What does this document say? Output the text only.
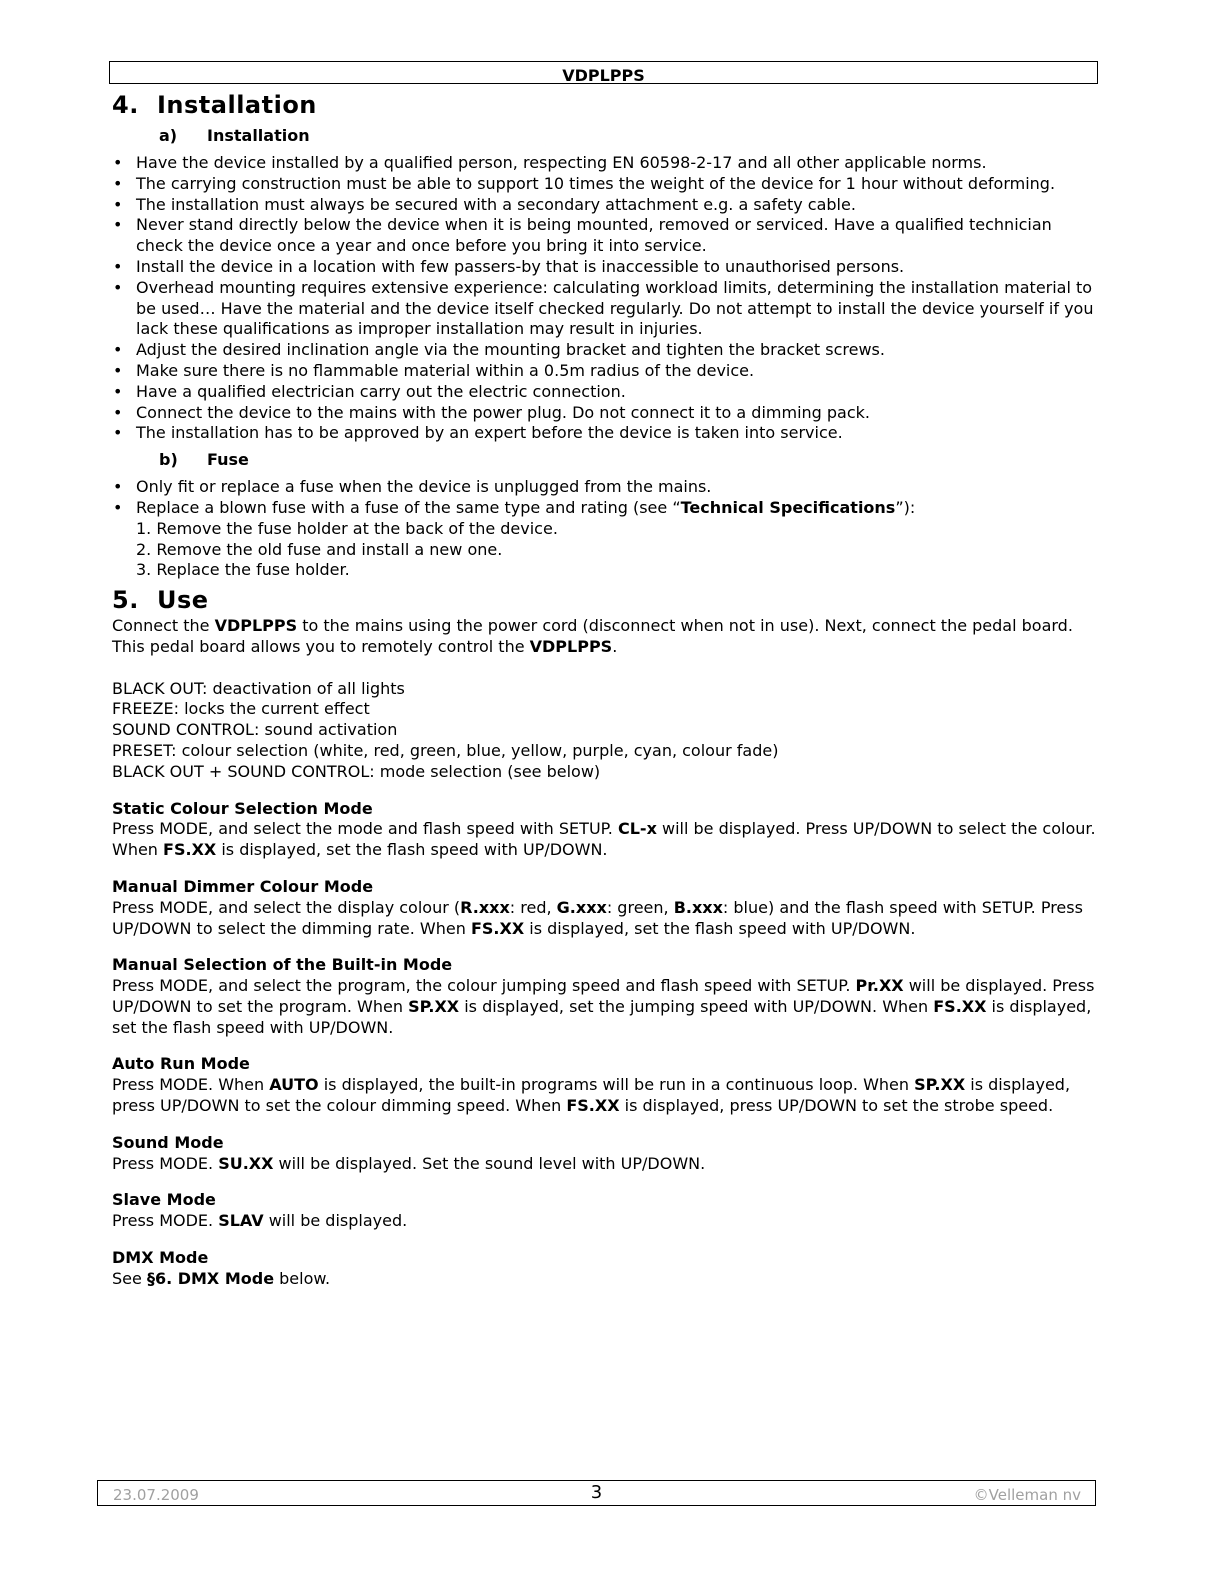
VDPLPPS
4. Installation
a) Installation
• Have the device installed by a qualified person, respecting EN 60598-2-17 and all other applicable norms.
• The carrying construction must be able to support 10 times the weight of the device for 1 hour without deforming.
• The installation must always be secured with a secondary attachment e.g. a safety cable.
• Never stand directly below the device when it is being mounted, removed or serviced. Have a qualified technician check the device once a year and once before you bring it into service.
• Install the device in a location with few passers-by that is inaccessible to unauthorised persons.
• Overhead mounting requires extensive experience: calculating workload limits, determining the installation material to be used… Have the material and the device itself checked regularly. Do not attempt to install the device yourself if you lack these qualifications as improper installation may result in injuries.
• Adjust the desired inclination angle via the mounting bracket and tighten the bracket screws.
• Make sure there is no flammable material within a 0.5m radius of the device.
• Have a qualified electrician carry out the electric connection.
• Connect the device to the mains with the power plug. Do not connect it to a dimming pack.
• The installation has to be approved by an expert before the device is taken into service.
b) Fuse
• Only fit or replace a fuse when the device is unplugged from the mains.
• Replace a blown fuse with a fuse of the same type and rating (see “Technical Specifications”):
1. Remove the fuse holder at the back of the device.
2. Remove the old fuse and install a new one.
3. Replace the fuse holder.
5. Use

Connect the VDPLPPS to the mains using the power cord (disconnect when not in use). Next, connect the pedal board. This pedal board allows you to remotely control the VDPLPPS.

BLACK OUT: deactivation of all lights

FREEZE: locks the current effect

SOUND CONTROL: sound activation

PRESET: colour selection (white, red, green, blue, yellow, purple, cyan, colour fade)

BLACK OUT + SOUND CONTROL: mode selection (see below)

Static Colour Selection Mode

Press MODE, and select the mode and flash speed with SETUP. CL-x will be displayed. Press UP/DOWN to select the colour. When FS.XX is displayed, set the flash speed with UP/DOWN.

Manual Dimmer Colour Mode

Press MODE, and select the display colour (R.xxx: red, G.xxx: green, B.xxx: blue) and the flash speed with SETUP. Press UP/DOWN to select the dimming rate. When FS.XX is displayed, set the flash speed with UP/DOWN.

Manual Selection of the Built-in Mode

Press MODE, and select the program, the colour jumping speed and flash speed with SETUP. Pr.XX will be displayed. Press UP/DOWN to set the program. When SP.XX is displayed, set the jumping speed with UP/DOWN. When FS.XX is displayed, set the flash speed with UP/DOWN.

Auto Run Mode

Press MODE. When AUTO is displayed, the built-in programs will be run in a continuous loop. When SP.XX is displayed, press UP/DOWN to set the colour dimming speed. When FS.XX is displayed, press UP/DOWN to set the strobe speed.

Sound Mode

Press MODE. SU.XX will be displayed. Set the sound level with UP/DOWN.

Slave Mode

Press MODE. SLAV will be displayed.

DMX Mode

See §6. DMX Mode below.

23.07.2009	3	©Velleman nv
